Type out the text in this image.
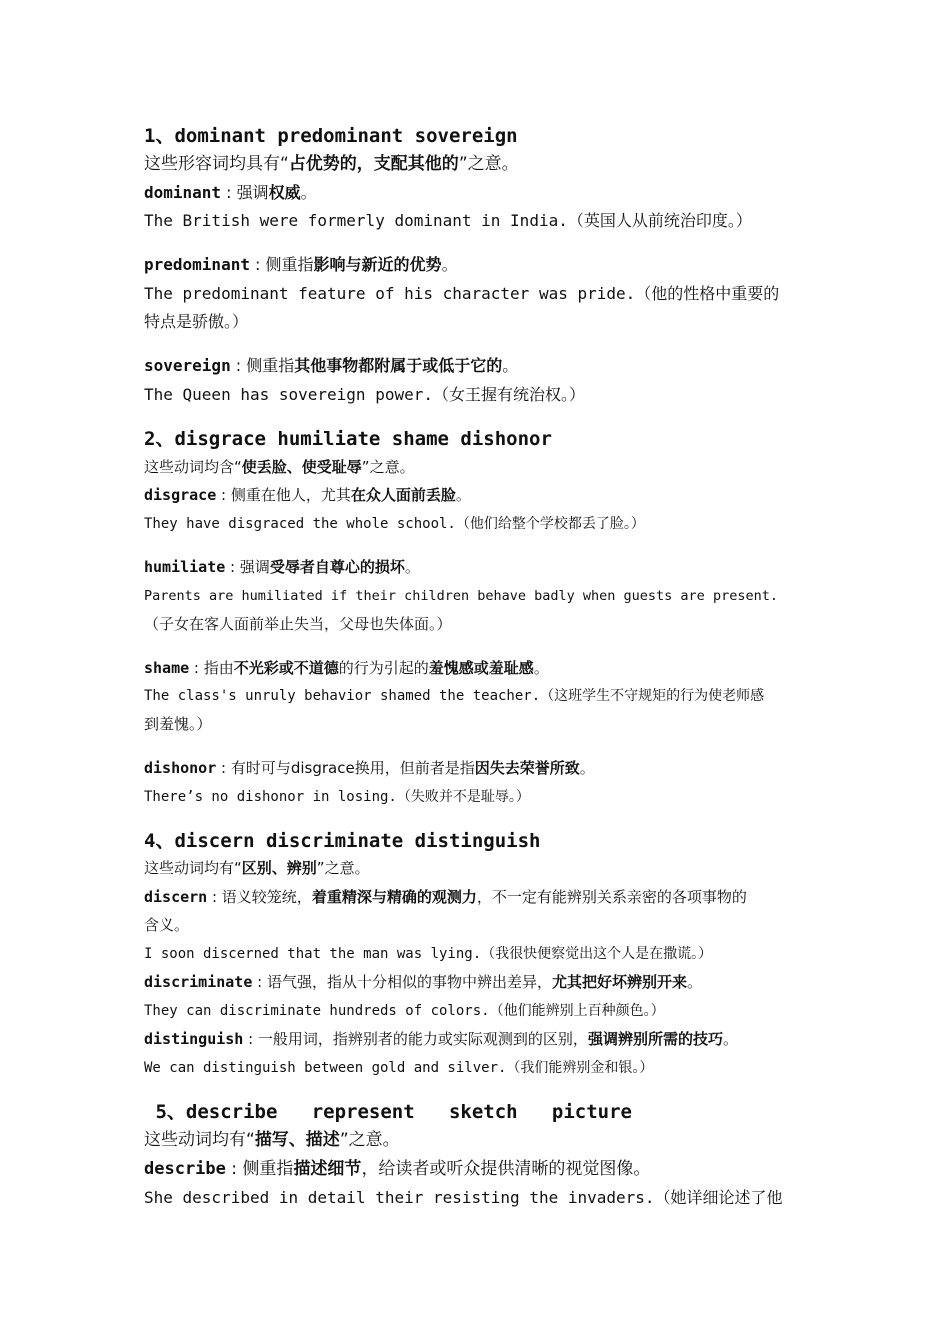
1、dominant predominant sovereign
这些形容词均具有“占优势的，支配其他的”之意。
dominant : 强调权威。
The British were formerly dominant in India.（英国人从前统治印度。）
predominant : 侧重指影响与新近的优势。
The predominant feature of his character was pride.（他的性格中重要的
特点是骄傲。）
sovereign : 侧重指其他事物都附属于或低于它的。
The Queen has sovereign power.（女王握有统治权。）
2、disgrace humiliate shame dishonor
这些动词均含“使丢脸、使受耻辱”之意。
disgrace : 侧重在他人，尤其在众人面前丢脸。
They have disgraced the whole school.（他们给整个学校都丢了脸。）
humiliate : 强调受辱者自尊心的损坏。
Parents are humiliated if their children behave badly when guests are present.
（子女在客人面前举止失当，父母也失体面。）
shame : 指由不光彩或不道德的行为引起的羞愧感或羞耻感。
The class's unruly behavior shamed the teacher.（这班学生不守规矩的行为使老师感
到羞愧。）
dishonor : 有时可与disgrace换用，但前者是指因失去荣誉所致。
There’s no dishonor in losing.（失败并不是耻辱。）
4、discern discriminate distinguish
这些动词均有“区别、辨别”之意。
discern : 语义较笼统，着重精深与精确的观测力，不一定有能辨别关系亲密的各项事物的
含义。
I soon discerned that the man was lying.（我很快便察觉出这个人是在撒谎。）
discriminate : 语气强，指从十分相似的事物中辨出差异，尤其把好坏辨别开来。
They can discriminate hundreds of colors.（他们能辨别上百种颜色。）
distinguish : 一般用词，指辨别者的能力或实际观测到的区别，强调辨别所需的技巧。
We can distinguish between gold and silver.（我们能辨别金和银。）
5、describe   represent   sketch   picture
这些动词均有“描写、描述”之意。
describe : 侧重指描述细节，给读者或听众提供清晰的视觉图像。
She described in detail their resisting the invaders.（她详细论述了他
